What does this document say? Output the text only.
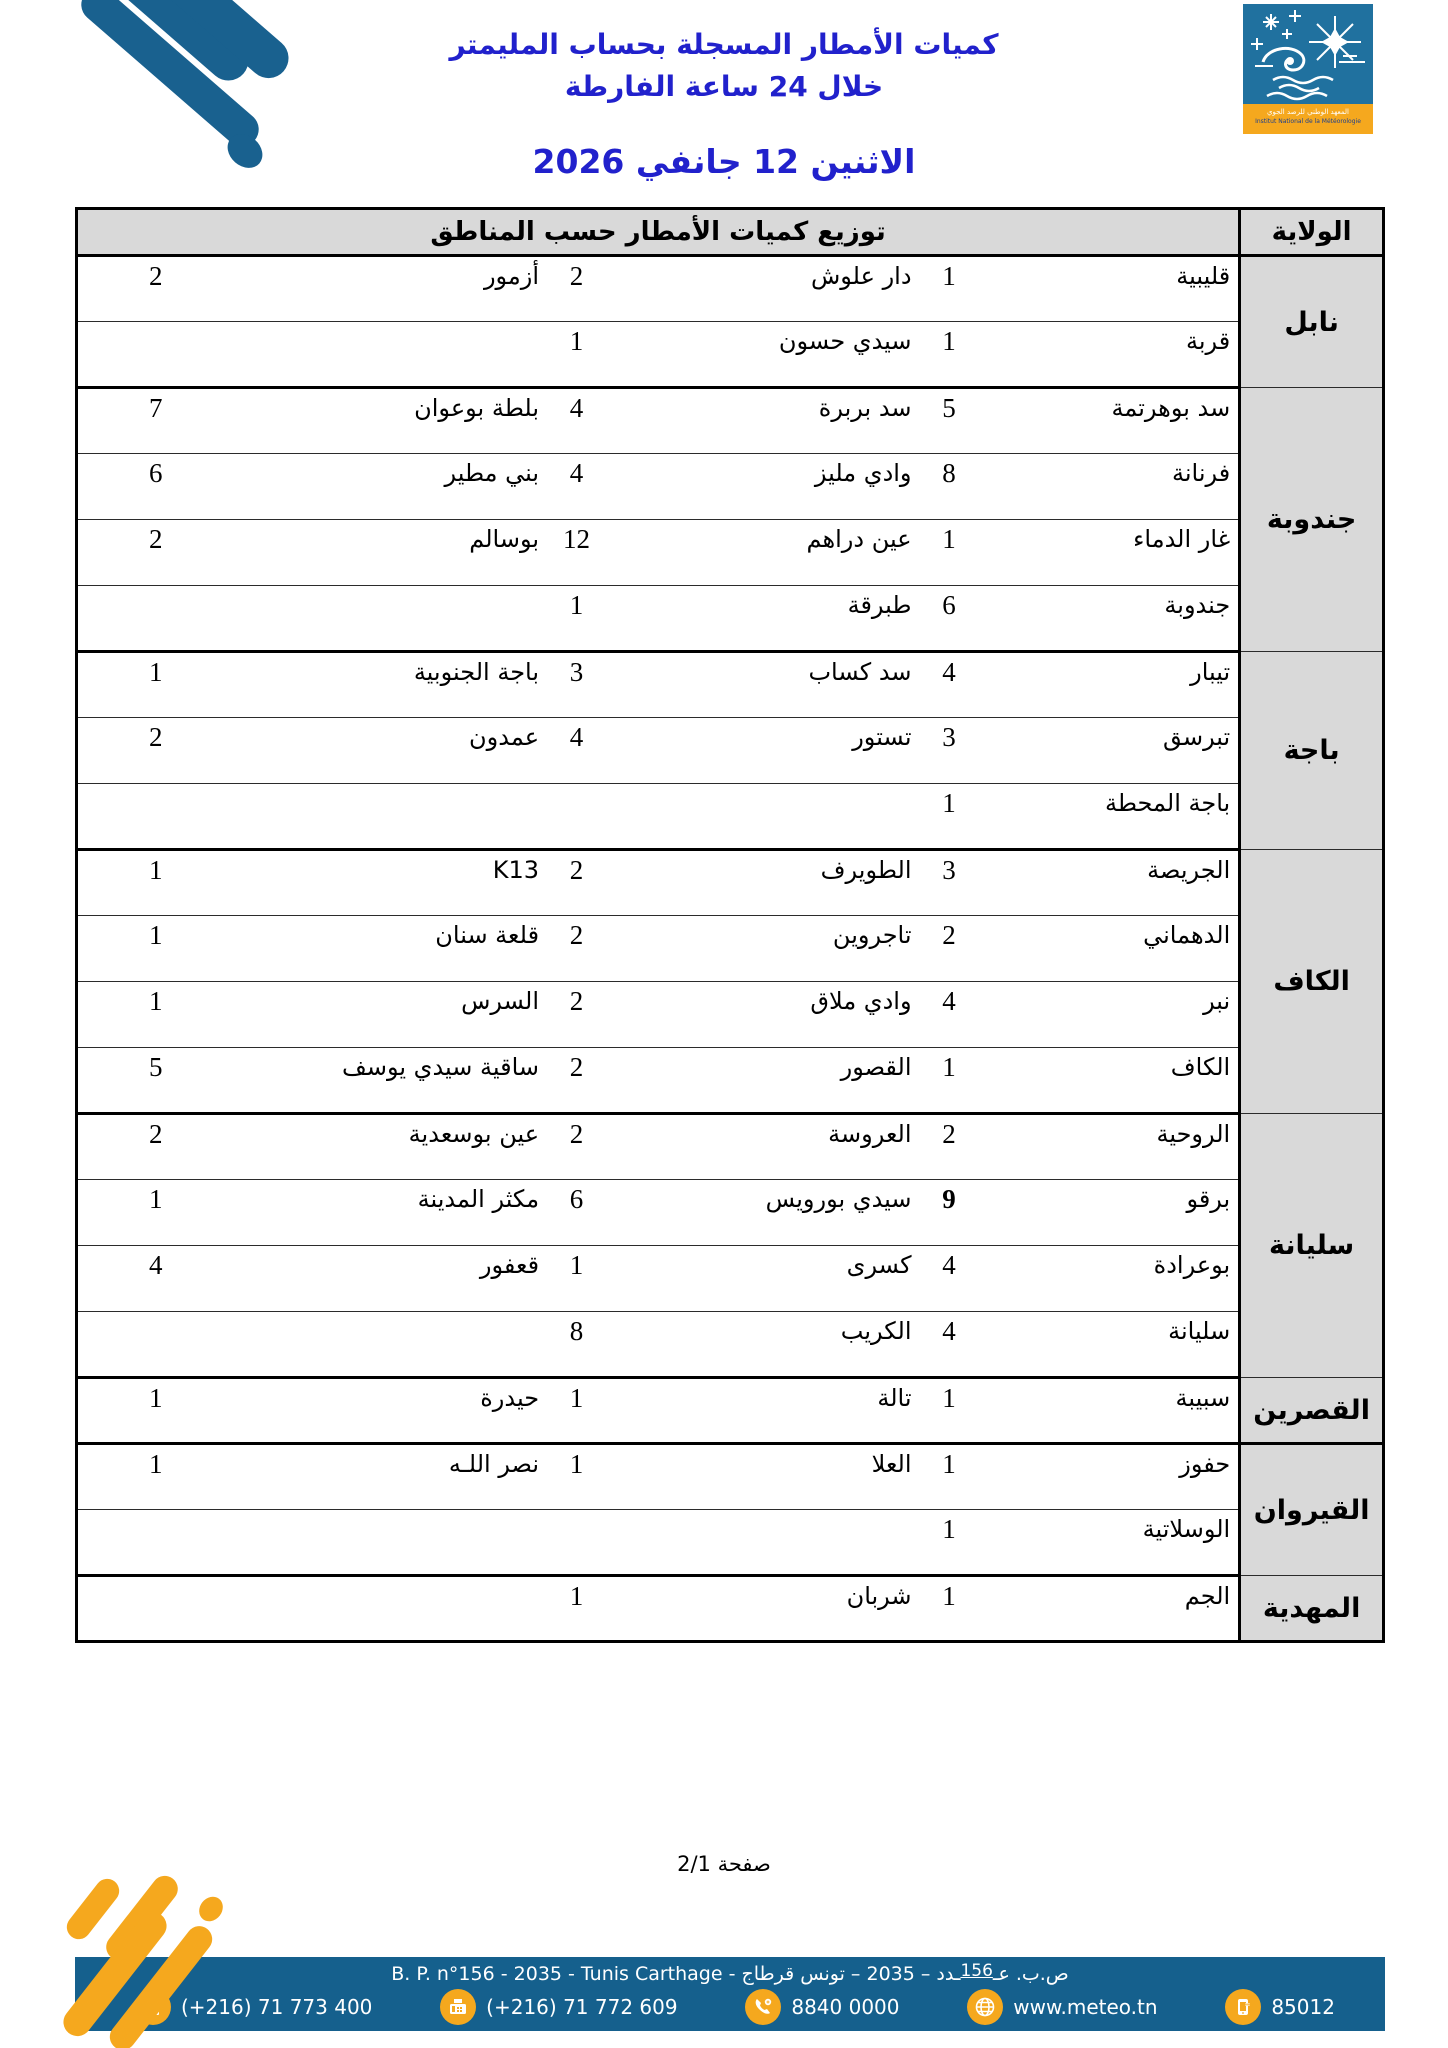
كميات الأمطار المسجلة بحساب المليمتر
خلال 24 ساعة الفارطة
الاثنين 12 جانفي 2026
المعهد الوطني للرصد الجوي
Institut National de la Météorologie
الولاية	توزيع كميات الأمطار حسب المناطق					
نابل	قليبية	1	دار علوش	2	أزمور	2
	قربة	1	سيدي حسون	1		
جندوبة	سد بوهرتمة	5	سد بربرة	4	بلطة بوعوان	7
	فرنانة	8	وادي مليز	4	بني مطير	6
	غار الدماء	1	عين دراهم	12	بوسالم	2
	جندوبة	6	طبرقة	1		
باجة	تيبار	4	سد كساب	3	باجة الجنوبية	1
	تبرسق	3	تستور	4	عمدون	2
	باجة المحطة	1				
الكاف	الجريصة	3	الطويرف	2	K13	1
	الدهماني	2	تاجروين	2	قلعة سنان	1
	نبر	4	وادي ملاق	2	السرس	1
	الكاف	1	القصور	2	ساقية سيدي يوسف	5
سليانة	الروحية	2	العروسة	2	عين بوسعدية	2
	برقو	9	سيدي بورويس	6	مكثر المدينة	1
	بوعرادة	4	كسرى	1	قعفور	4
	سليانة	4	الكريب	8		
القصرين	سبيبة	1	تالة	1	حيدرة	1
القيروان	حفوز	1	العلا	1	نصر اللـه	1
	الوسلاتية	1				
المهدية	الجم	1	شربان	1		
صفحة 2/1
ص.ب. عـ156ـدد – 2035 – تونس قرطاج - B. P. n°156 - 2035 - Tunis Carthage
(+216) 71 773 400	(+216) 71 772 609	8840 0000	www.meteo.tn	85012
